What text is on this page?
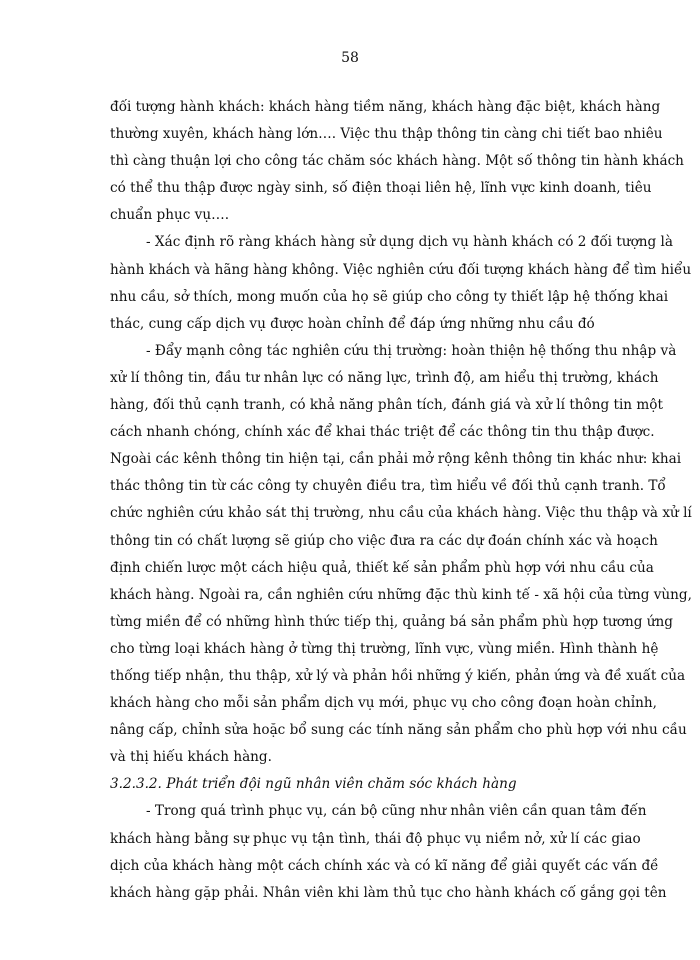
58
đối tượng hành khách: khách hàng tiềm năng, khách hàng đặc biệt, khách hàng
thường xuyên, khách hàng lớn…. Việc thu thập thông tin càng chi tiết bao nhiêu
thì càng thuận lợi cho công tác chăm sóc khách hàng. Một số thông tin hành khách
có thể thu thập được ngày sinh, số điện thoại liên hệ, lĩnh vực kinh doanh, tiêu
chuẩn phục vụ….
- Xác định rõ ràng khách hàng sử dụng dịch vụ hành khách có 2 đối tượng là
hành khách và hãng hàng không. Việc nghiên cứu đối tượng khách hàng để tìm hiểu
nhu cầu, sở thích, mong muốn của họ sẽ giúp cho công ty thiết lập hệ thống khai
thác, cung cấp dịch vụ được hoàn chỉnh để đáp ứng những nhu cầu đó
- Đẩy mạnh công tác nghiên cứu thị trường: hoàn thiện hệ thống thu nhập và
xử lí thông tin, đầu tư nhân lực có năng lực, trình độ, am hiểu thị trường, khách
hàng, đối thủ cạnh tranh, có khả năng phân tích, đánh giá và xử lí thông tin một
cách nhanh chóng, chính xác để khai thác triệt để các thông tin thu thập được.
Ngoài các kênh thông tin hiện tại, cần phải mở rộng kênh thông tin khác như: khai
thác thông tin từ các công ty chuyên điều tra, tìm hiểu về đối thủ cạnh tranh. Tổ
chức nghiên cứu khảo sát thị trường, nhu cầu của khách hàng. Việc thu thập và xử lí
thông tin có chất lượng sẽ giúp cho việc đưa ra các dự đoán chính xác và hoạch
định chiến lược một cách hiệu quả, thiết kế sản phẩm phù hợp với nhu cầu của
khách hàng. Ngoài ra, cần nghiên cứu những đặc thù kinh tế - xã hội của từng vùng,
từng miền để có những hình thức tiếp thị, quảng bá sản phẩm phù hợp tương ứng
cho từng loại khách hàng ở từng thị trường, lĩnh vực, vùng miền. Hình thành hệ
thống tiếp nhận, thu thập, xử lý và phản hồi những ý kiến, phản ứng và đề xuất của
khách hàng cho mỗi sản phẩm dịch vụ mới, phục vụ cho công đoạn hoàn chỉnh,
nâng cấp, chỉnh sửa hoặc bổ sung các tính năng sản phẩm cho phù hợp với nhu cầu
và thị hiếu khách hàng.
3.2.3.2. Phát triển đội ngũ nhân viên chăm sóc khách hàng
- Trong quá trình phục vụ, cán bộ cũng như nhân viên cần quan tâm đến
khách hàng bằng sự phục vụ tận tình, thái độ phục vụ niềm nở, xử lí các giao
dịch của khách hàng một cách chính xác và có kĩ năng để giải quyết các vấn đề
khách hàng gặp phải. Nhân viên khi làm thủ tục cho hành khách cố gắng gọi tên
